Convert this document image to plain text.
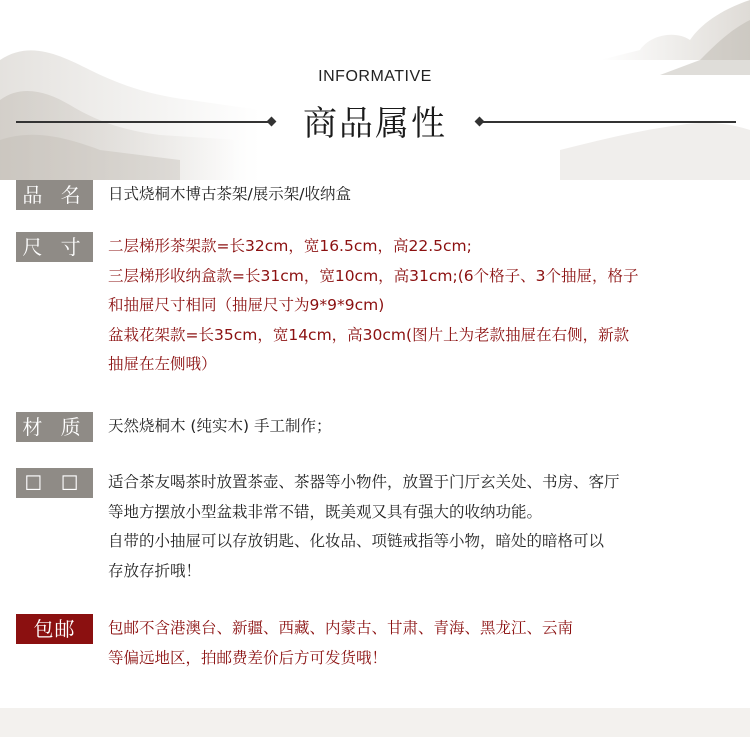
INFORMATIVE
商品属性
品 名	日式烧桐木博古茶架/展示架/收纳盒

尺 寸	二层梯形茶架款=长32cm，宽16.5cm，高22.5cm;

三层梯形收纳盒款=长31cm，宽10cm，高31cm;(6个格子、3个抽屉，格子

和抽屉尺寸相同（抽屉尺寸为9*9*9cm)

盆栽花架款=长35cm，宽14cm，高30cm(图片上为老款抽屉在右侧，新款

抽屉在左侧哦）

材 质	天然烧桐木 (纯实木) 手工制作；

☐ ☐	适合茶友喝茶时放置茶壶、茶器等小物件，放置于门厅玄关处、书房、客厅

等地方摆放小型盆栽非常不错，既美观又具有强大的收纳功能。

自带的小抽屉可以存放钥匙、化妆品、项链戒指等小物，暗处的暗格可以

存放存折哦！

包邮	包邮不含港澳台、新疆、西藏、内蒙古、甘肃、青海、黑龙江、云南

等偏远地区，拍邮费差价后方可发货哦！
